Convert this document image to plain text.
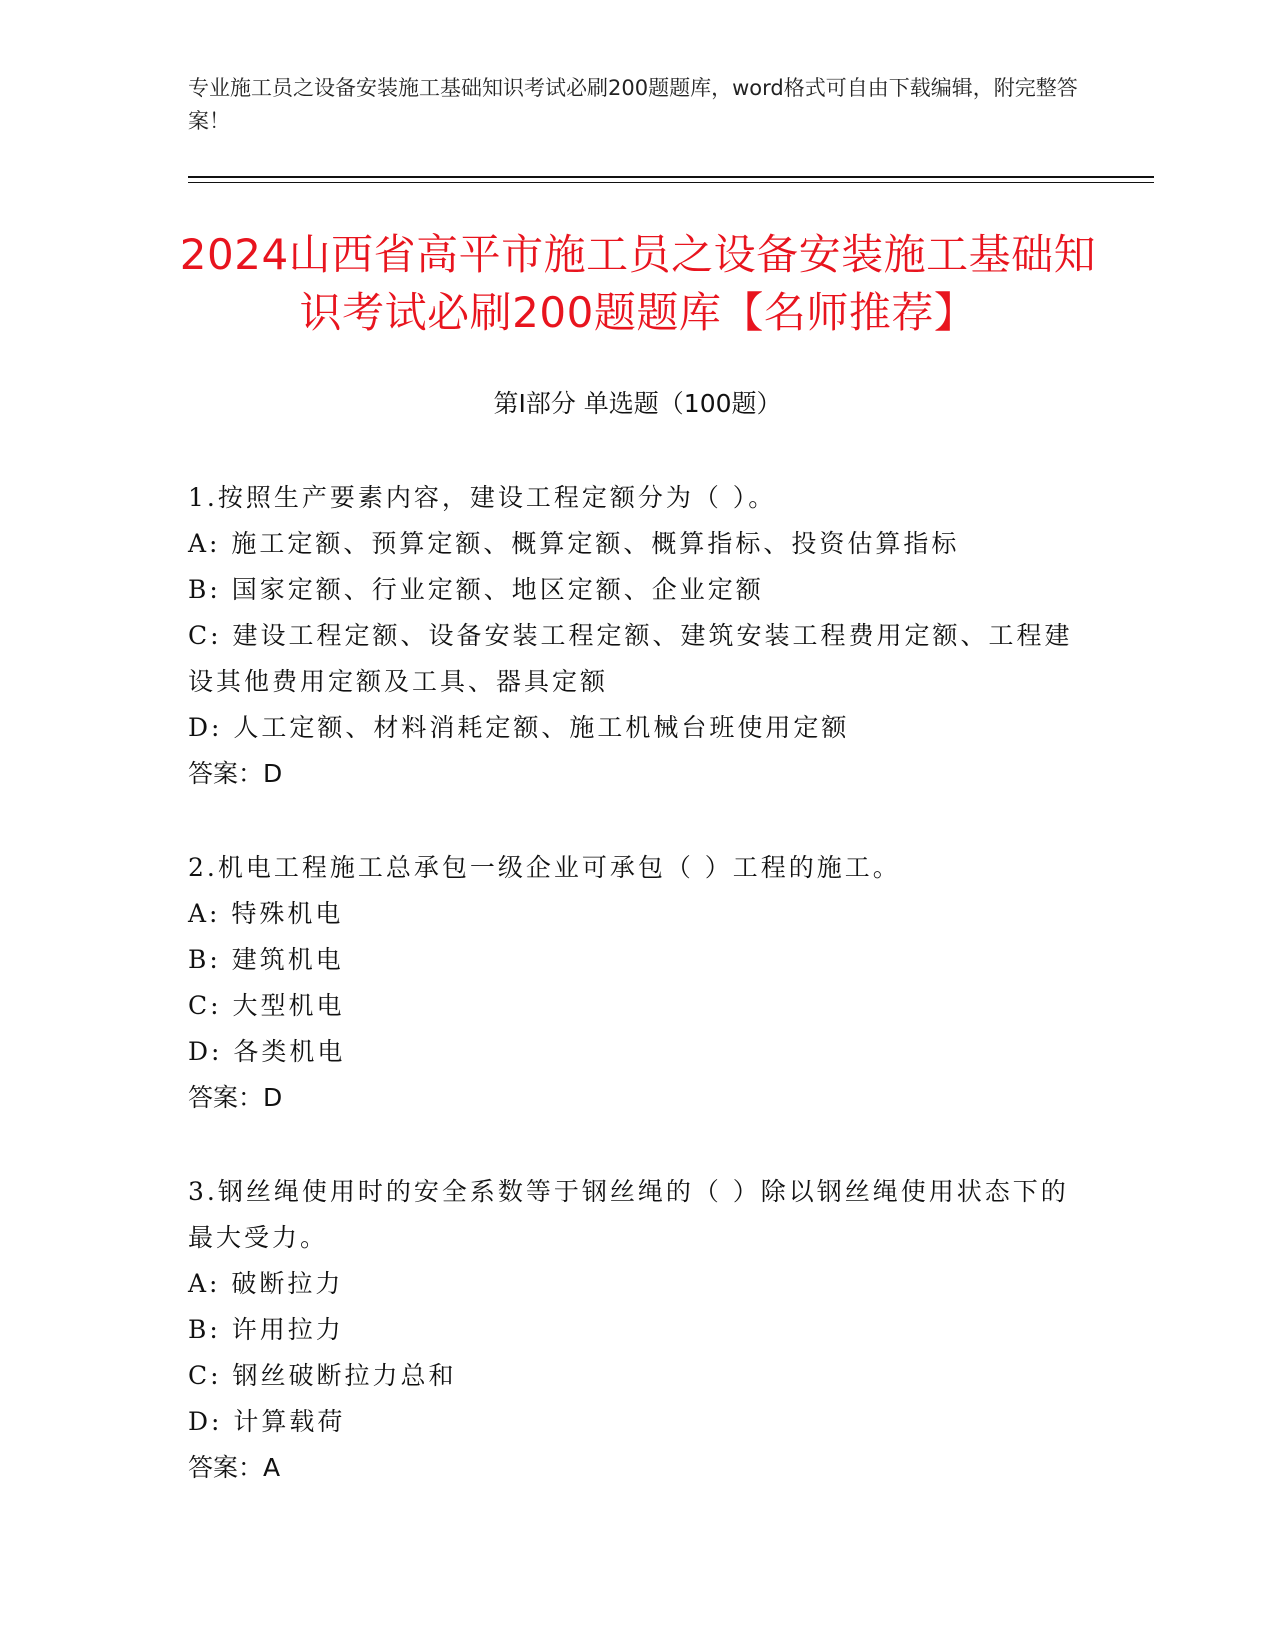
专业施工员之设备安装施工基础知识考试必刷200题题库，word格式可自由下载编辑，附完整答案！
2024山西省高平市施工员之设备安装施工基础知识考试必刷200题题库【名师推荐】
第Ⅰ部分 单选题（100题）

1.按照生产要素内容，建设工程定额分为（ ）。

A: 施工定额、预算定额、概算定额、概算指标、投资估算指标

B: 国家定额、行业定额、地区定额、企业定额

C: 建设工程定额、设备安装工程定额、建筑安装工程费用定额、工程建设其他费用定额及工具、器具定额

D: 人工定额、材料消耗定额、施工机械台班使用定额

答案：D

2.机电工程施工总承包一级企业可承包（ ）工程的施工。

A: 特殊机电

B: 建筑机电

C: 大型机电

D: 各类机电

答案：D

3.钢丝绳使用时的安全系数等于钢丝绳的（ ）除以钢丝绳使用状态下的最大受力。

A: 破断拉力

B: 许用拉力

C: 钢丝破断拉力总和

D: 计算载荷

答案：A
